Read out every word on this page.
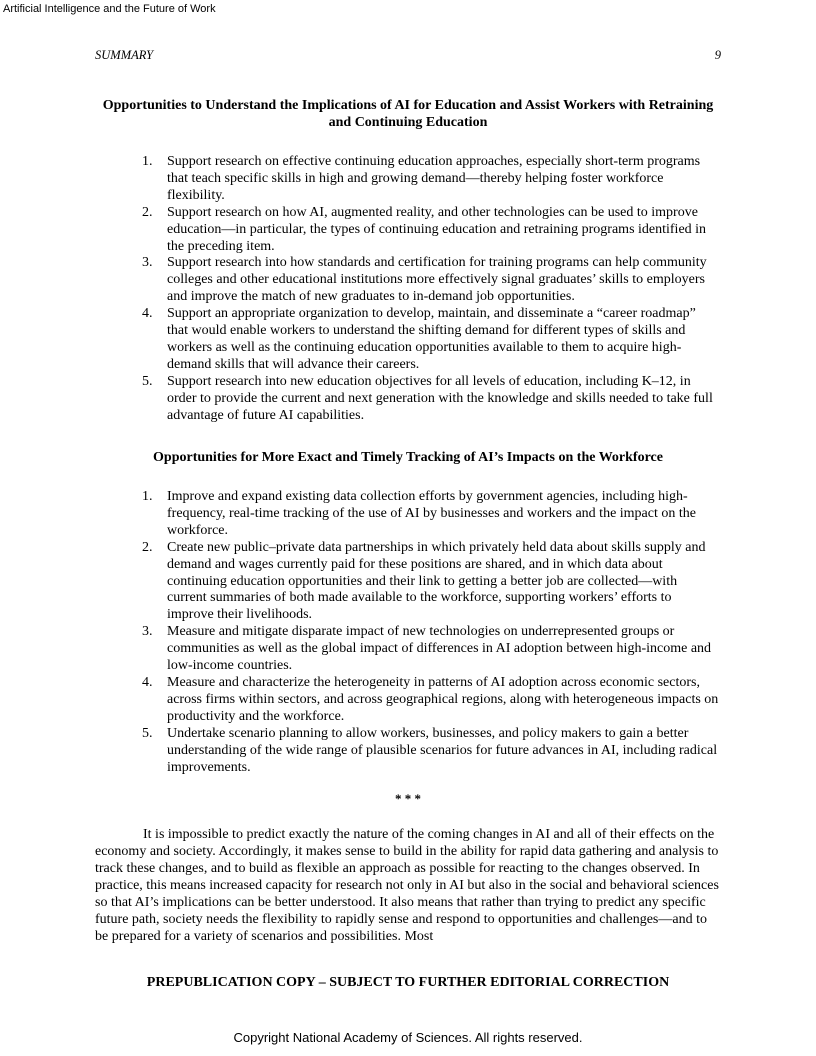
Artificial Intelligence and the Future of Work
SUMMARY	9
Opportunities to Understand the Implications of AI for Education and Assist Workers with Retraining and Continuing Education
1. Support research on effective continuing education approaches, especially short-term programs that teach specific skills in high and growing demand—thereby helping foster workforce flexibility.
2. Support research on how AI, augmented reality, and other technologies can be used to improve education—in particular, the types of continuing education and retraining programs identified in the preceding item.
3. Support research into how standards and certification for training programs can help community colleges and other educational institutions more effectively signal graduates’ skills to employers and improve the match of new graduates to in-demand job opportunities.
4. Support an appropriate organization to develop, maintain, and disseminate a “career roadmap” that would enable workers to understand the shifting demand for different types of skills and workers as well as the continuing education opportunities available to them to acquire high-demand skills that will advance their careers.
5. Support research into new education objectives for all levels of education, including K–12, in order to provide the current and next generation with the knowledge and skills needed to take full advantage of future AI capabilities.
Opportunities for More Exact and Timely Tracking of AI’s Impacts on the Workforce
1. Improve and expand existing data collection efforts by government agencies, including high-frequency, real-time tracking of the use of AI by businesses and workers and the impact on the workforce.
2. Create new public–private data partnerships in which privately held data about skills supply and demand and wages currently paid for these positions are shared, and in which data about continuing education opportunities and their link to getting a better job are collected—with current summaries of both made available to the workforce, supporting workers’ efforts to improve their livelihoods.
3. Measure and mitigate disparate impact of new technologies on underrepresented groups or communities as well as the global impact of differences in AI adoption between high-income and low-income countries.
4. Measure and characterize the heterogeneity in patterns of AI adoption across economic sectors, across firms within sectors, and across geographical regions, along with heterogeneous impacts on productivity and the workforce.
5. Undertake scenario planning to allow workers, businesses, and policy makers to gain a better understanding of the wide range of plausible scenarios for future advances in AI, including radical improvements.
* * *

It is impossible to predict exactly the nature of the coming changes in AI and all of their effects on the economy and society. Accordingly, it makes sense to build in the ability for rapid data gathering and analysis to track these changes, and to build as flexible an approach as possible for reacting to the changes observed. In practice, this means increased capacity for research not only in AI but also in the social and behavioral sciences so that AI’s implications can be better understood. It also means that rather than trying to predict any specific future path, society needs the flexibility to rapidly sense and respond to opportunities and challenges—and to be prepared for a variety of scenarios and possibilities. Most

PREPUBLICATION COPY – SUBJECT TO FURTHER EDITORIAL CORRECTION
Copyright National Academy of Sciences. All rights reserved.
